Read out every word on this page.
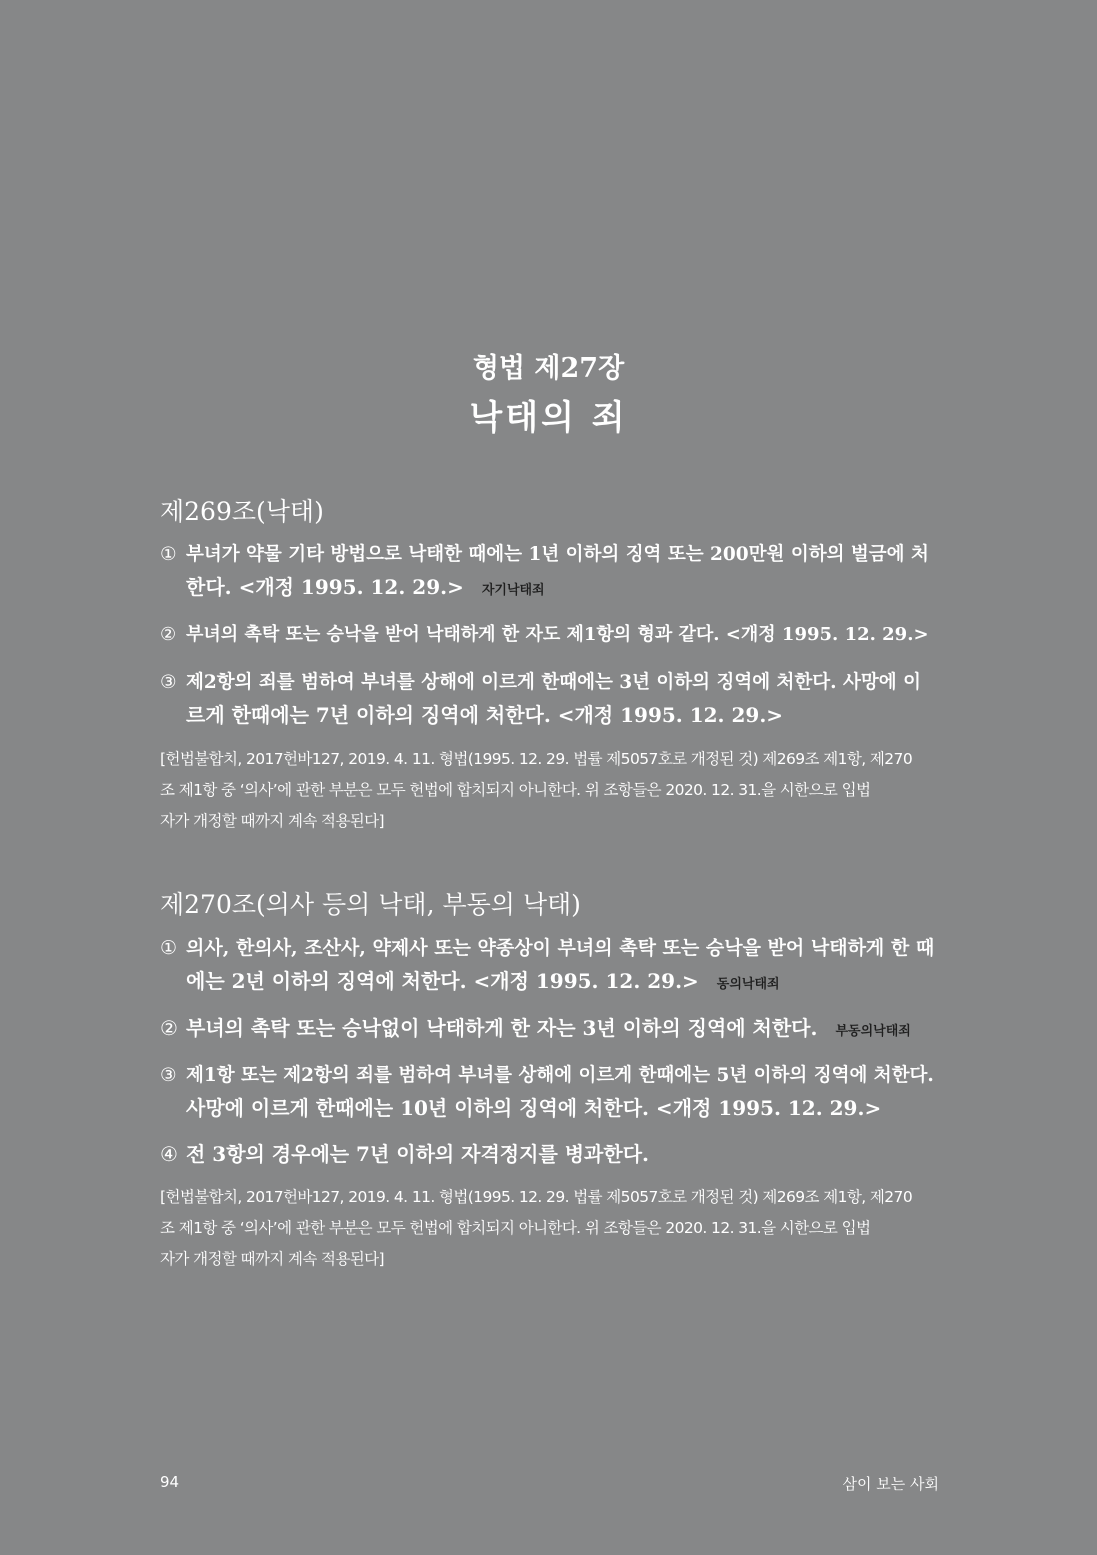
형법 제27장
낙태의 죄
제269조(낙태)
① 부녀가 약물 기타 방법으로 낙태한 때에는 1년 이하의 징역 또는 200만원 이하의 벌금에 처
한다. <개정 1995. 12. 29.> 자기낙태죄
② 부녀의 촉탁 또는 승낙을 받어 낙태하게 한 자도 제1항의 형과 같다. <개정 1995. 12. 29.>
③ 제2항의 죄를 범하여 부녀를 상해에 이르게 한때에는 3년 이하의 징역에 처한다. 사망에 이
르게 한때에는 7년 이하의 징역에 처한다. <개정 1995. 12. 29.>
[헌법불합치, 2017헌바127, 2019. 4. 11. 형법(1995. 12. 29. 법률 제5057호로 개정된 것) 제269조 제1항, 제270
조 제1항 중 ‘의사’에 관한 부분은 모두 헌법에 합치되지 아니한다. 위 조항들은 2020. 12. 31.을 시한으로 입법
자가 개정할 때까지 계속 적용된다]
제270조(의사 등의 낙태, 부동의 낙태)
① 의사, 한의사, 조산사, 약제사 또는 약종상이 부녀의 촉탁 또는 승낙을 받어 낙태하게 한 때
에는 2년 이하의 징역에 처한다. <개정 1995. 12. 29.> 동의낙태죄
② 부녀의 촉탁 또는 승낙없이 낙태하게 한 자는 3년 이하의 징역에 처한다. 부동의낙태죄
③ 제1항 또는 제2항의 죄를 범하여 부녀를 상해에 이르게 한때에는 5년 이하의 징역에 처한다.
사망에 이르게 한때에는 10년 이하의 징역에 처한다. <개정 1995. 12. 29.>
④ 전 3항의 경우에는 7년 이하의 자격정지를 병과한다.
[헌법불합치, 2017헌바127, 2019. 4. 11. 형법(1995. 12. 29. 법률 제5057호로 개정된 것) 제269조 제1항, 제270
조 제1항 중 ‘의사’에 관한 부분은 모두 헌법에 합치되지 아니한다. 위 조항들은 2020. 12. 31.을 시한으로 입법
자가 개정할 때까지 계속 적용된다]
94	삼이 보는 사회
